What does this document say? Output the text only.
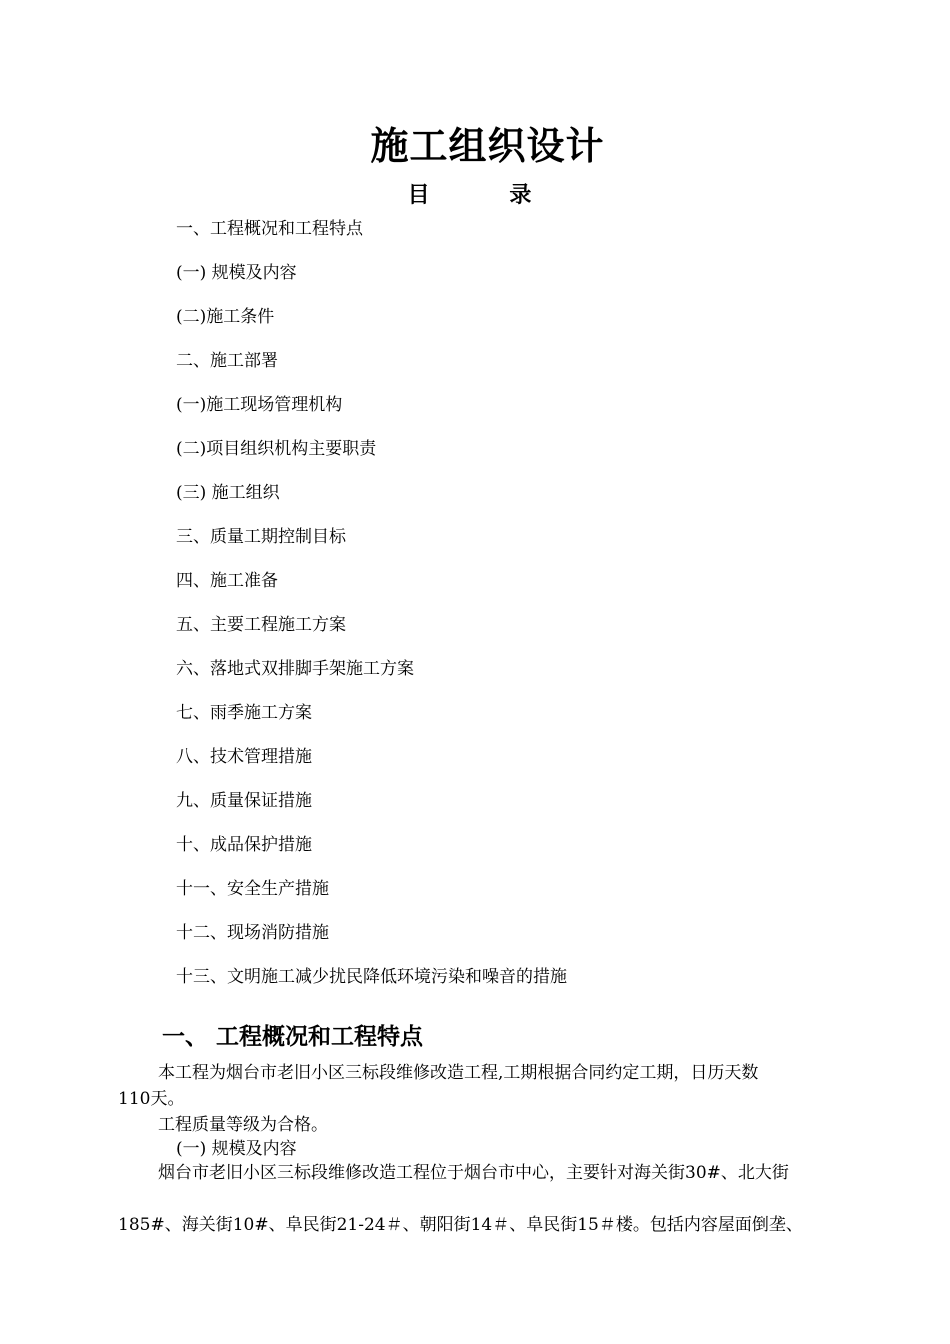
施工组织设计
目 录
一、工程概况和工程特点
(一) 规模及内容
(二)施工条件
二、施工部署
(一)施工现场管理机构
(二)项目组织机构主要职责
(三) 施工组织
三、质量工期控制目标
四、施工准备
五、主要工程施工方案
六、落地式双排脚手架施工方案
七、雨季施工方案
八、技术管理措施
九、质量保证措施
十、成品保护措施
十一、安全生产措施
十二、现场消防措施
十三、文明施工减少扰民降低环境污染和噪音的措施
一、 工程概况和工程特点
本工程为烟台市老旧小区三标段维修改造工程,工期根据合同约定工期，日历天数
110天。
工程质量等级为合格。
(一) 规模及内容
烟台市老旧小区三标段维修改造工程位于烟台市中心，主要针对海关街30#、北大街
185#、海关街10#、阜民街21-24＃、朝阳街14＃、阜民街15＃楼。包括内容屋面倒垄、
